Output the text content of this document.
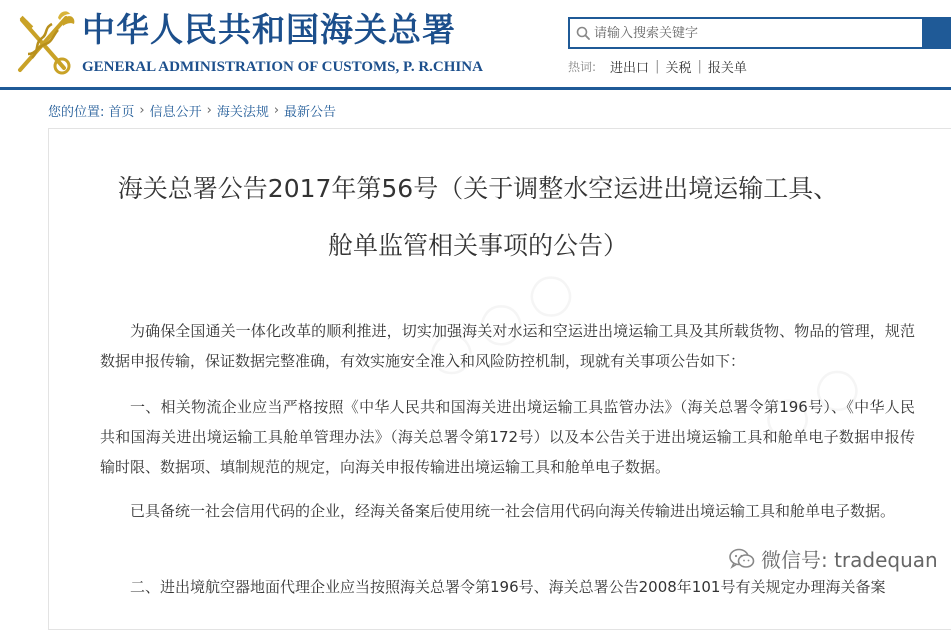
中华人民共和国海关总署
GENERAL ADMINISTRATION OF CUSTOMS, P. R.CHINA
请输入搜索关键字	热词: 进出口 | 关税 | 报关单
您的位置: 首页 › 信息公开 › 海关法规 › 最新公告
海关总署公告2017年第56号（关于调整水空运进出境运输工具、
舱单监管相关事项的公告）

为确保全国通关一体化改革的顺利推进，切实加强海关对水运和空运进出境运输工具及其所载货物、物品的管理，规范数据申报传输，保证数据完整准确，有效实施安全准入和风险防控机制，现就有关事项公告如下：

一、相关物流企业应当严格按照《中华人民共和国海关进出境运输工具监管办法》（海关总署令第196号）、《中华人民共和国海关进出境运输工具舱单管理办法》（海关总署令第172号）以及本公告关于进出境运输工具和舱单电子数据申报传输时限、数据项、填制规范的规定，向海关申报传输进出境运输工具和舱单电子数据。

已具备统一社会信用代码的企业，经海关备案后使用统一社会信用代码向海关传输进出境运输工具和舱单电子数据。

二、进出境航空器地面代理企业应当按照海关总署令第196号、海关总署公告2008年101号有关规定办理海关备案

微信号: tradequan
